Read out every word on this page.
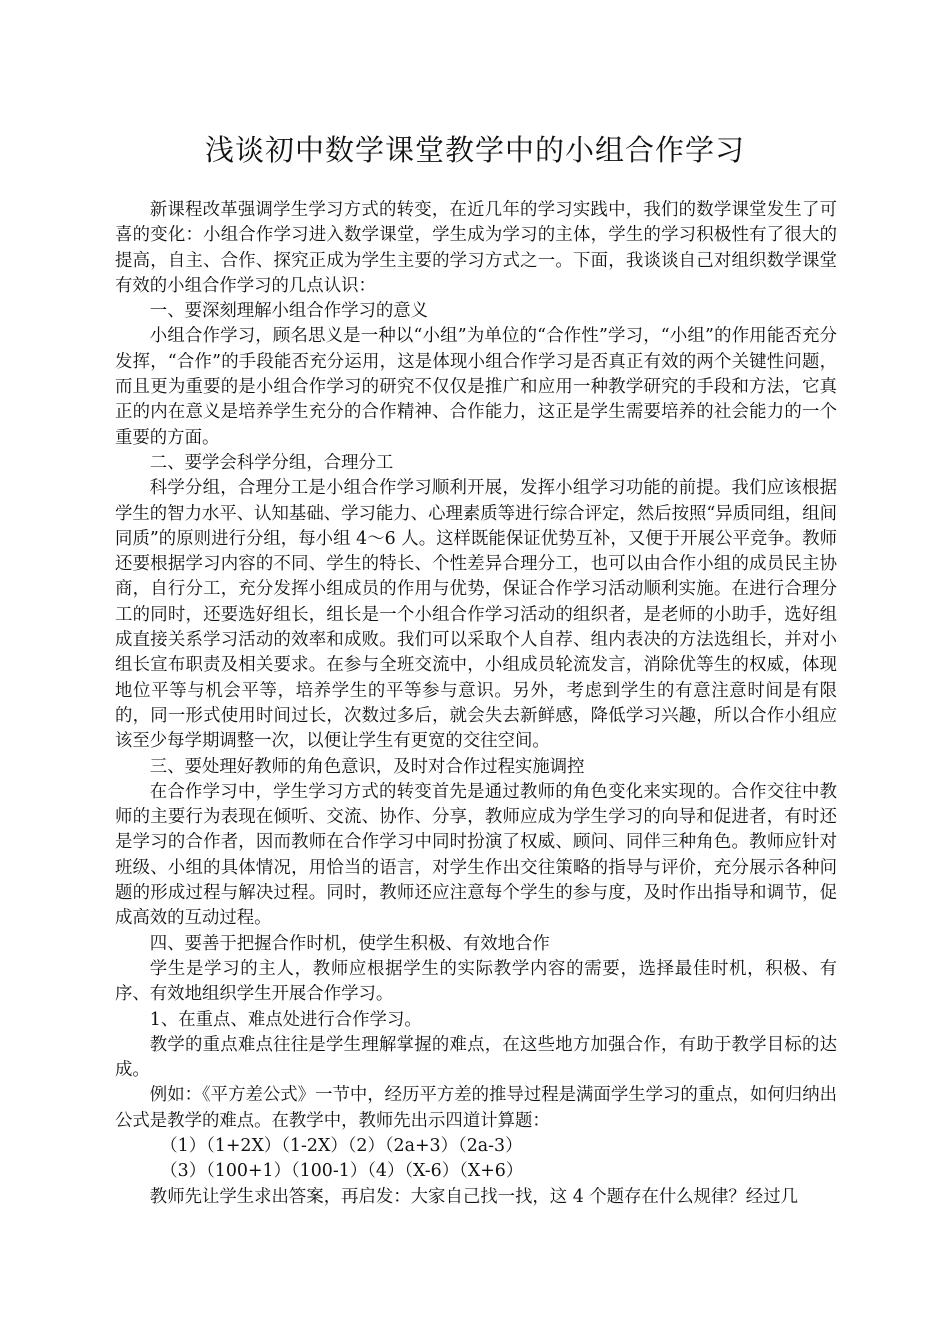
浅谈初中数学课堂教学中的小组合作学习

新课程改革强调学生学习方式的转变，在近几年的学习实践中，我们的数学课堂发生了可喜的变化：小组合作学习进入数学课堂，学生成为学习的主体，学生的学习积极性有了很大的提高，自主、合作、探究正成为学生主要的学习方式之一。下面，我谈谈自己对组织数学课堂有效的小组合作学习的几点认识：

一、要深刻理解小组合作学习的意义

小组合作学习，顾名思义是一种以“小组”为单位的“合作性”学习，“小组”的作用能否充分发挥，“合作”的手段能否充分运用，这是体现小组合作学习是否真正有效的两个关键性问题，而且更为重要的是小组合作学习的研究不仅仅是推广和应用一种教学研究的手段和方法，它真正的内在意义是培养学生充分的合作精神、合作能力，这正是学生需要培养的社会能力的一个重要的方面。

二、要学会科学分组，合理分工

科学分组，合理分工是小组合作学习顺利开展，发挥小组学习功能的前提。我们应该根据学生的智力水平、认知基础、学习能力、心理素质等进行综合评定，然后按照“异质同组，组间同质”的原则进行分组，每小组 4～6 人。这样既能保证优势互补，又便于开展公平竞争。教师还要根据学习内容的不同、学生的特长、个性差异合理分工，也可以由合作小组的成员民主协商，自行分工，充分发挥小组成员的作用与优势，保证合作学习活动顺利实施。在进行合理分工的同时，还要选好组长，组长是一个小组合作学习活动的组织者，是老师的小助手，选好组成直接关系学习活动的效率和成败。我们可以采取个人自荐、组内表决的方法选组长，并对小组长宣布职责及相关要求。在参与全班交流中，小组成员轮流发言，消除优等生的权威，体现地位平等与机会平等，培养学生的平等参与意识。另外，考虑到学生的有意注意时间是有限的，同一形式使用时间过长，次数过多后，就会失去新鲜感，降低学习兴趣，所以合作小组应该至少每学期调整一次，以便让学生有更宽的交往空间。

三、要处理好教师的角色意识，及时对合作过程实施调控

在合作学习中，学生学习方式的转变首先是通过教师的角色变化来实现的。合作交往中教师的主要行为表现在倾听、交流、协作、分享，教师应成为学生学习的向导和促进者，有时还是学习的合作者，因而教师在合作学习中同时扮演了权威、顾问、同伴三种角色。教师应针对班级、小组的具体情况，用恰当的语言，对学生作出交往策略的指导与评价，充分展示各种问题的形成过程与解决过程。同时，教师还应注意每个学生的参与度，及时作出指导和调节，促成高效的互动过程。

四、要善于把握合作时机，使学生积极、有效地合作

学生是学习的主人，教师应根据学生的实际教学内容的需要，选择最佳时机，积极、有序、有效地组织学生开展合作学习。

1、在重点、难点处进行合作学习。

教学的重点难点往往是学生理解掌握的难点，在这些地方加强合作，有助于教学目标的达成。

例如：《平方差公式》一节中，经历平方差的推导过程是满面学生学习的重点，如何归纳出公式是教学的难点。在教学中，教师先出示四道计算题：

（1）（1+2X）（1-2X）（2）（2a+3）（2a-3）

（3）（100+1）（100-1）（4）（X-6）（X+6）

教师先让学生求出答案，再启发：大家自己找一找，这 4 个题存在什么规律？经过几
